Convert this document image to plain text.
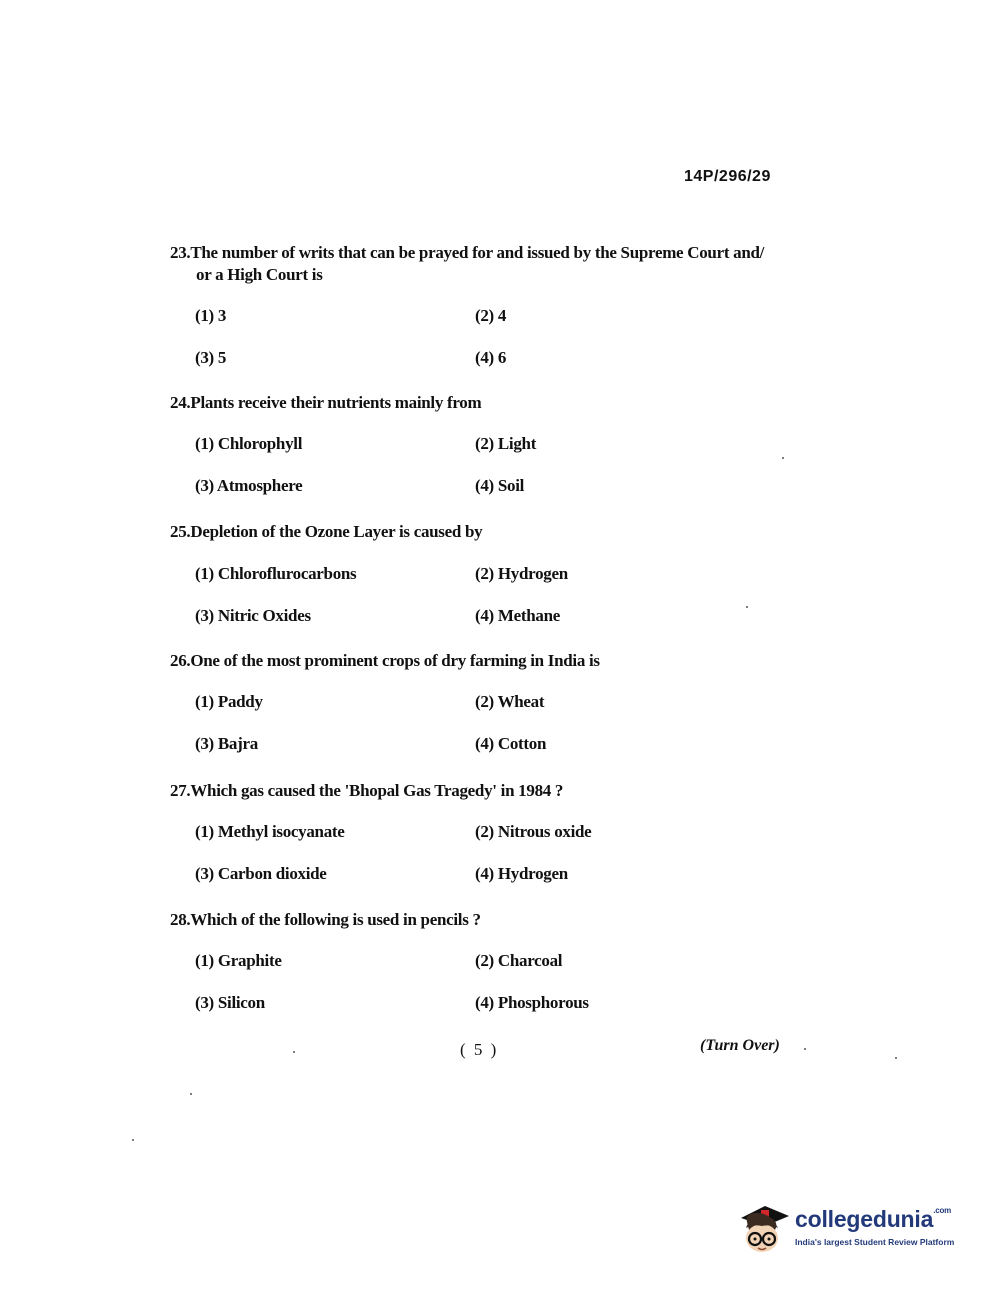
14P/296/29

23.The number of writs that can be prayed for and issued by the Supreme Court and/
or a High Court is

(1) 3	(2) 4
(3) 5	(4) 6

24.Plants receive their nutrients mainly from

(1) Chlorophyll	(2) Light
(3) Atmosphere	(4) Soil

25.Depletion of the Ozone Layer is caused by

(1) Chloroflurocarbons	(2) Hydrogen
(3) Nitric Oxides	(4) Methane

26.One of the most prominent crops of dry farming in India is

(1) Paddy	(2) Wheat
(3) Bajra	(4) Cotton

27.Which gas caused the 'Bhopal Gas Tragedy' in 1984 ?

(1) Methyl isocyanate	(2) Nitrous oxide
(3) Carbon dioxide	(4) Hydrogen

28.Which of the following is used in pencils ?

(1) Graphite	(2) Charcoal
(3) Silicon	(4) Phosphorous
( 5 )	(Turn Over)
collegedunia$^{.com}$
India's largest Student Review Platform
